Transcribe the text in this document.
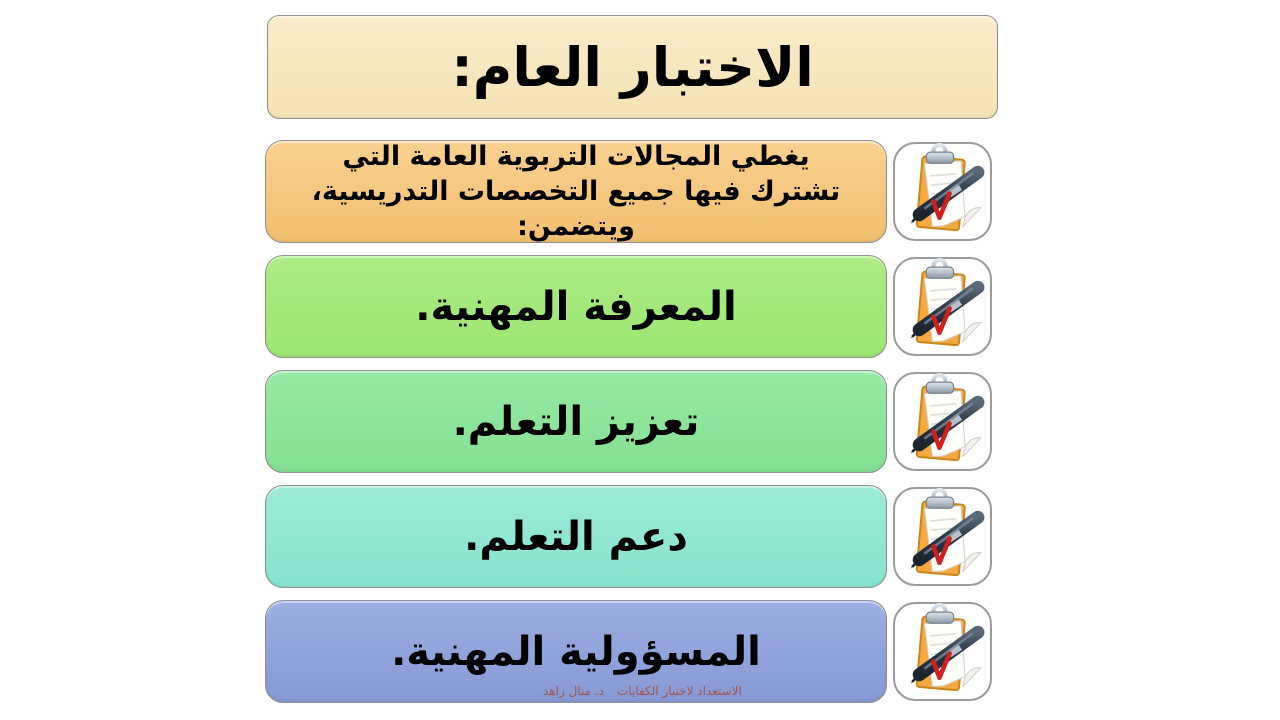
الاختبار العام:
يغطي المجالات التربوية العامة التي تشترك فيها جميع التخصصات التدريسية، ويتضمن:
المعرفة المهنية.
تعزيز التعلم.
دعم التعلم.
المسؤولية المهنية.
الاستعداد لاختبار الكفايات
د. منال زاهد
